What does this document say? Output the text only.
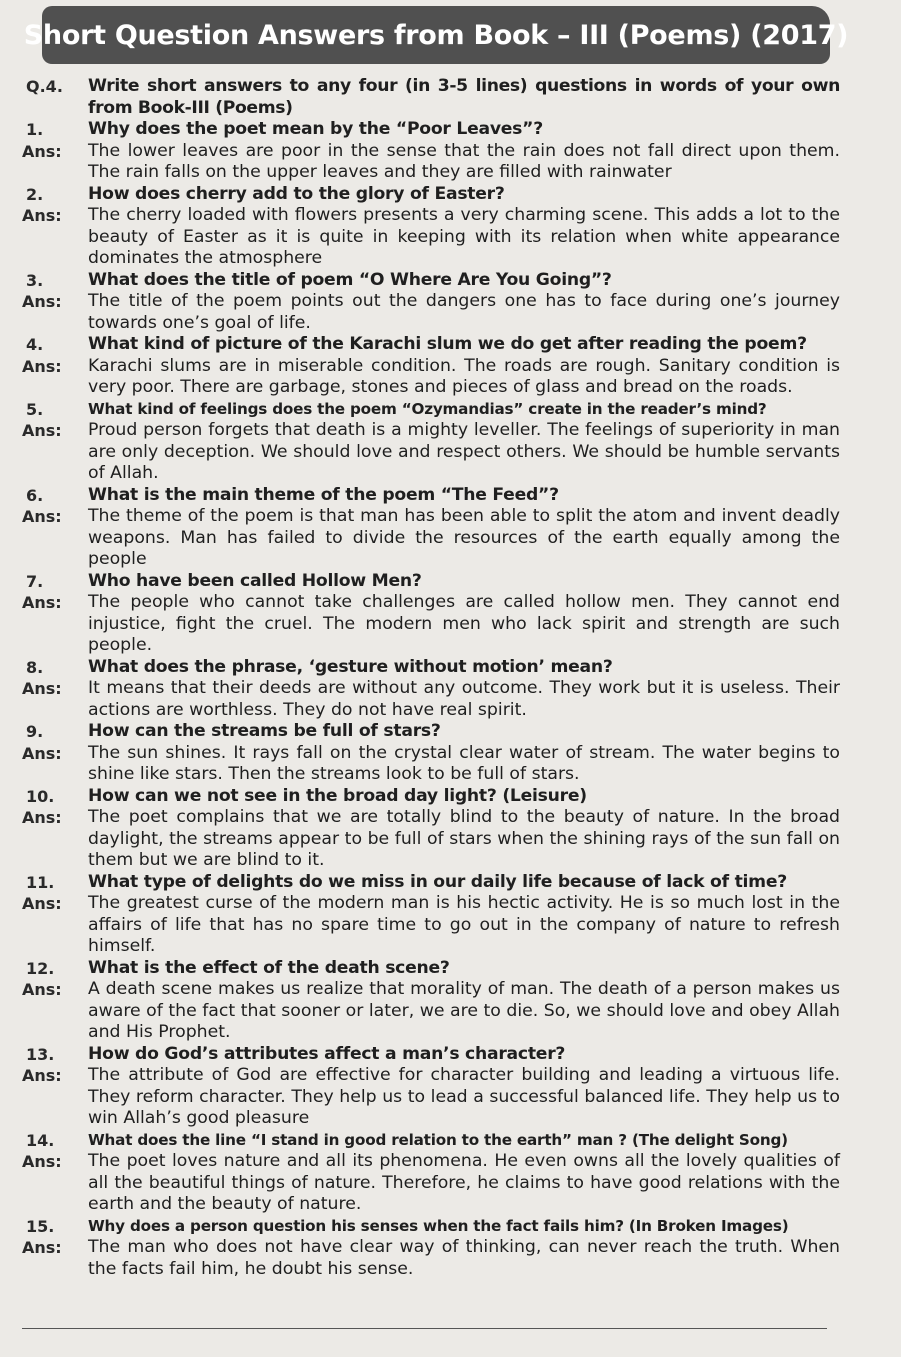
Short Question Answers from Book – III (Poems) (2017)
Q.4.	Write short answers to any four (in 3-5 lines) questions in words of your own from Book-III (Poems)
1.	Why does the poet mean by the “Poor Leaves”?
Ans:	The lower leaves are poor in the sense that the rain does not fall direct upon them. The rain falls on the upper leaves and they are filled with rainwater
2.	How does cherry add to the glory of Easter?
Ans:	The cherry loaded with flowers presents a very charming scene. This adds a lot to the beauty of Easter as it is quite in keeping with its relation when white appearance dominates the atmosphere
3.	What does the title of poem “O Where Are You Going”?
Ans:	The title of the poem points out the dangers one has to face during one’s journey towards one’s goal of life.
4.	What kind of picture of the Karachi slum we do get after reading the poem?
Ans:	Karachi slums are in miserable condition. The roads are rough. Sanitary condition is very poor. There are garbage, stones and pieces of glass and bread on the roads.
5.	What kind of feelings does the poem “Ozymandias” create in the reader’s mind?
Ans:	Proud person forgets that death is a mighty leveller. The feelings of superiority in man are only deception. We should love and respect others. We should be humble servants of Allah.
6.	What is the main theme of the poem “The Feed”?
Ans:	The theme of the poem is that man has been able to split the atom and invent deadly weapons. Man has failed to divide the resources of the earth equally among the people
7.	Who have been called Hollow Men?
Ans:	The people who cannot take challenges are called hollow men. They cannot end injustice, fight the cruel. The modern men who lack spirit and strength are such people.
8.	What does the phrase, ‘gesture without motion’ mean?
Ans:	It means that their deeds are without any outcome. They work but it is useless. Their actions are worthless. They do not have real spirit.
9.	How can the streams be full of stars?
Ans:	The sun shines. It rays fall on the crystal clear water of stream. The water begins to shine like stars. Then the streams look to be full of stars.
10.	How can we not see in the broad day light? (Leisure)
Ans:	The poet complains that we are totally blind to the beauty of nature. In the broad daylight, the streams appear to be full of stars when the shining rays of the sun fall on them but we are blind to it.
11.	What type of delights do we miss in our daily life because of lack of time?
Ans:	The greatest curse of the modern man is his hectic activity. He is so much lost in the affairs of life that has no spare time to go out in the company of nature to refresh himself.
12.	What is the effect of the death scene?
Ans:	A death scene makes us realize that morality of man. The death of a person makes us aware of the fact that sooner or later, we are to die. So, we should love and obey Allah and His Prophet.
13.	How do God’s attributes affect a man’s character?
Ans:	The attribute of God are effective for character building and leading a virtuous life. They reform character. They help us to lead a successful balanced life. They help us to win Allah’s good pleasure
14.	What does the line “I stand in good relation to the earth” man ? (The delight Song)
Ans:	The poet loves nature and all its phenomena. He even owns all the lovely qualities of all the beautiful things of nature. Therefore, he claims to have good relations with the earth and the beauty of nature.
15.	Why does a person question his senses when the fact fails him? (In Broken Images)
Ans:	The man who does not have clear way of thinking, can never reach the truth. When the facts fail him, he doubt his sense.
